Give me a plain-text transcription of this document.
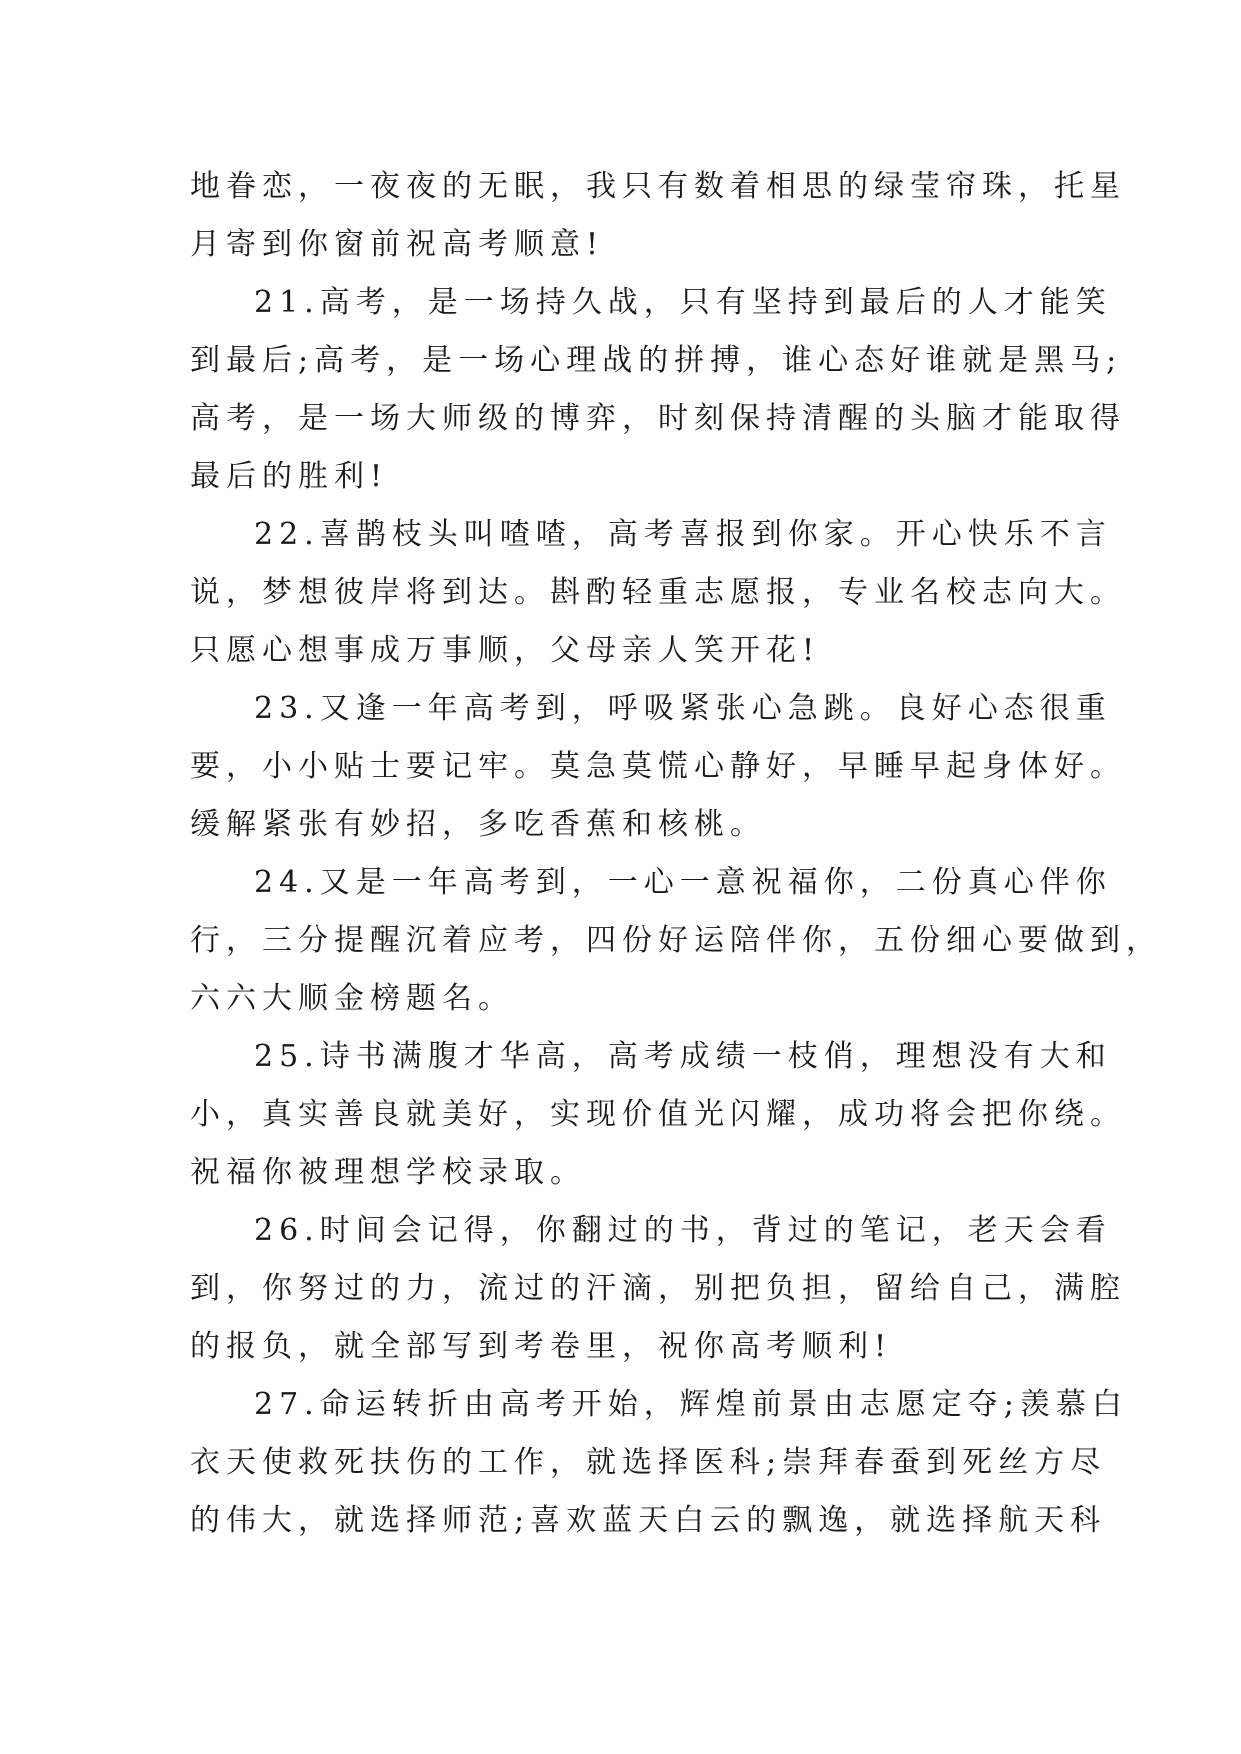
地眷恋，一夜夜的无眠，我只有数着相思的绿莹帘珠，托星
月寄到你窗前祝高考顺意!
21.高考，是一场持久战，只有坚持到最后的人才能笑
到最后;高考，是一场心理战的拼搏，谁心态好谁就是黑马;
高考，是一场大师级的博弈，时刻保持清醒的头脑才能取得
最后的胜利!
22.喜鹊枝头叫喳喳，高考喜报到你家。开心快乐不言
说，梦想彼岸将到达。斟酌轻重志愿报，专业名校志向大。
只愿心想事成万事顺，父母亲人笑开花!
23.又逢一年高考到，呼吸紧张心急跳。良好心态很重
要，小小贴士要记牢。莫急莫慌心静好，早睡早起身体好。
缓解紧张有妙招，多吃香蕉和核桃。
24.又是一年高考到，一心一意祝福你，二份真心伴你
行，三分提醒沉着应考，四份好运陪伴你，五份细心要做到，
六六大顺金榜题名。
25.诗书满腹才华高，高考成绩一枝俏，理想没有大和
小，真实善良就美好，实现价值光闪耀，成功将会把你绕。
祝福你被理想学校录取。
26.时间会记得，你翻过的书，背过的笔记，老天会看
到，你努过的力，流过的汗滴，别把负担，留给自己，满腔
的报负，就全部写到考卷里，祝你高考顺利!
27.命运转折由高考开始，辉煌前景由志愿定夺;羡慕白
衣天使救死扶伤的工作，就选择医科;崇拜春蚕到死丝方尽
的伟大，就选择师范;喜欢蓝天白云的飘逸，就选择航天科
